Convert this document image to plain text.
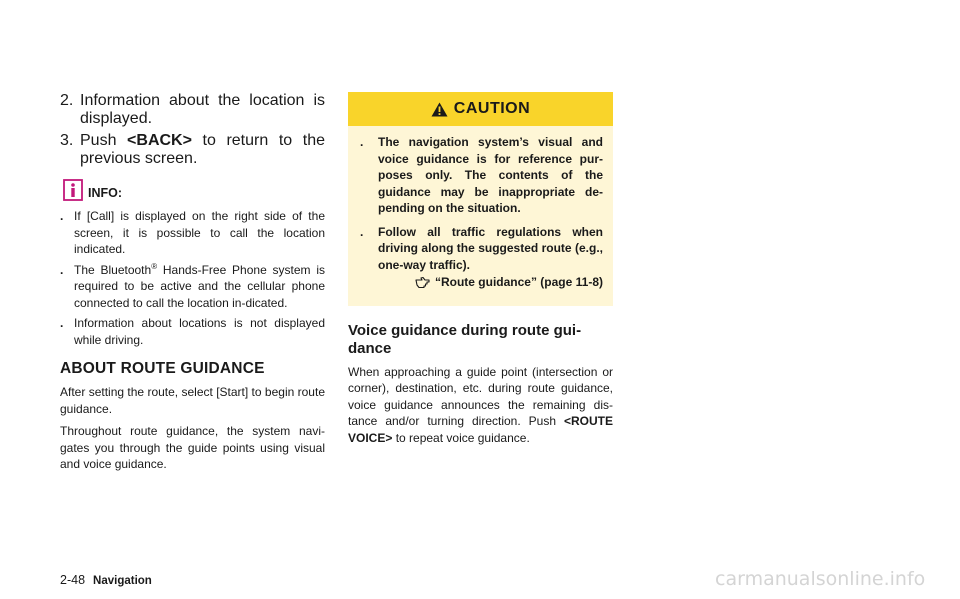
2. Information about the location is displayed.
3. Push <BACK> to return to the previous screen.
INFO:
. If [Call] is displayed on the right side of the screen, it is possible to call the location indicated.
. The Bluetooth® Hands-Free Phone system is required to be active and the cellular phone connected to call the location in-dicated.
. Information about locations is not displayed while driving.
ABOUT ROUTE GUIDANCE

After setting the route, select [Start] to begin route guidance.

Throughout route guidance, the system navi-gates you through the guide points using visual and voice guidance.

CAUTION
.	The navigation system’s visual and voice guidance is for reference pur-poses only. The contents of the guidance may be inappropriate de-pending on the situation.
.	Follow all traffic regulations when driving along the suggested route (e.g., one-way traffic).
“Route guidance” (page 11-8)
Voice guidance during route gui-dance

When approaching a guide point (intersection or corner), destination, etc. during route guidance, voice guidance announces the remaining dis-tance and/or turning direction. Push <ROUTE VOICE> to repeat voice guidance.

2-48 Navigation	carmanualsonline.info
